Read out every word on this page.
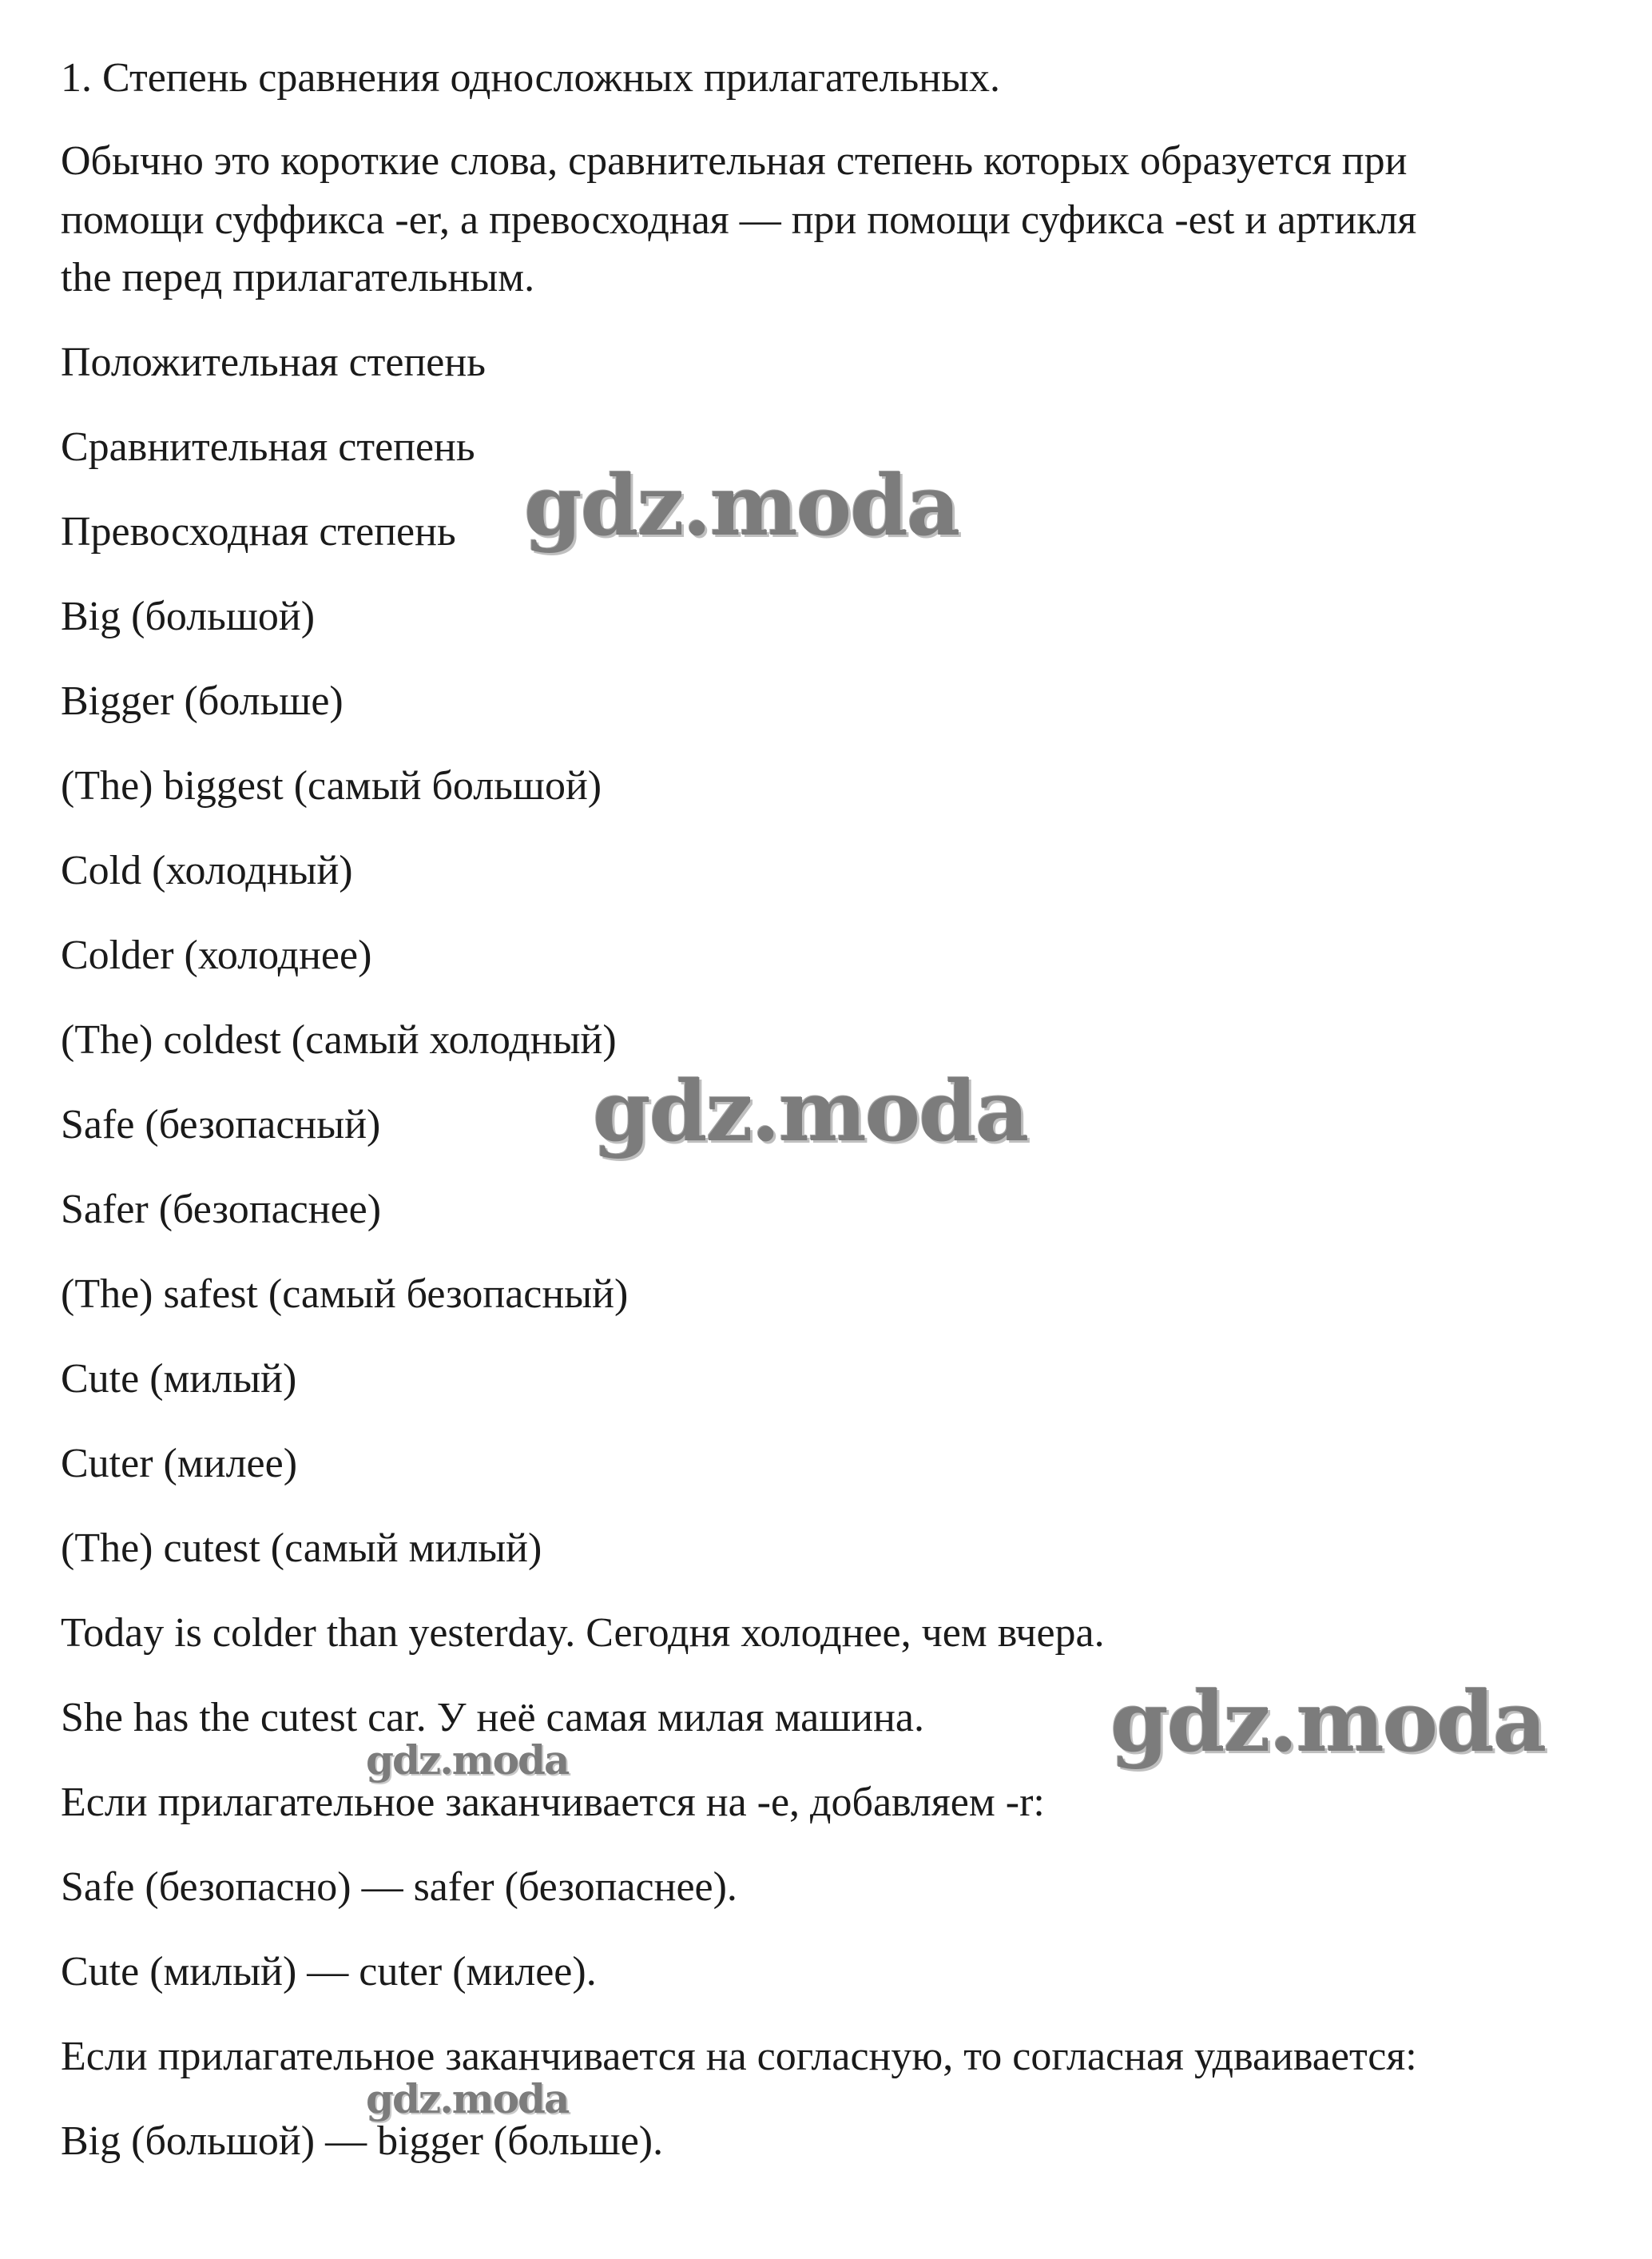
1. Степень сравнения односложных прилагательных.
Обычно это короткие слова, сравнительная степень которых образуется при
помощи суффикса -er, а превосходная — при помощи суфикса -est и артикля
the перед прилагательным.
Положительная степень
Сравнительная степень
Превосходная степень
Big (большой)
Bigger (больше)
(The) biggest (самый большой)
Cold (холодный)
Colder (холоднее)
(The) coldest (самый холодный)
Safe (безопасный)
Safer (безопаснее)
(The) safest (самый безопасный)
Cute (милый)
Cuter (милее)
(The) cutest (самый милый)
Today is colder than yesterday. Сегодня холоднее, чем вчера.
She has the cutest car. У неё самая милая машина.
Если прилагательное заканчивается на -e, добавляем -r:
Safe (безопасно) — safer (безопаснее).
Cute (милый) — cuter (милее).
Если прилагательное заканчивается на согласную, то согласная удваивается:
Big (большой) — bigger (больше).
gdz.moda
gdz.moda
gdz.moda
gdz.moda
gdz.moda
